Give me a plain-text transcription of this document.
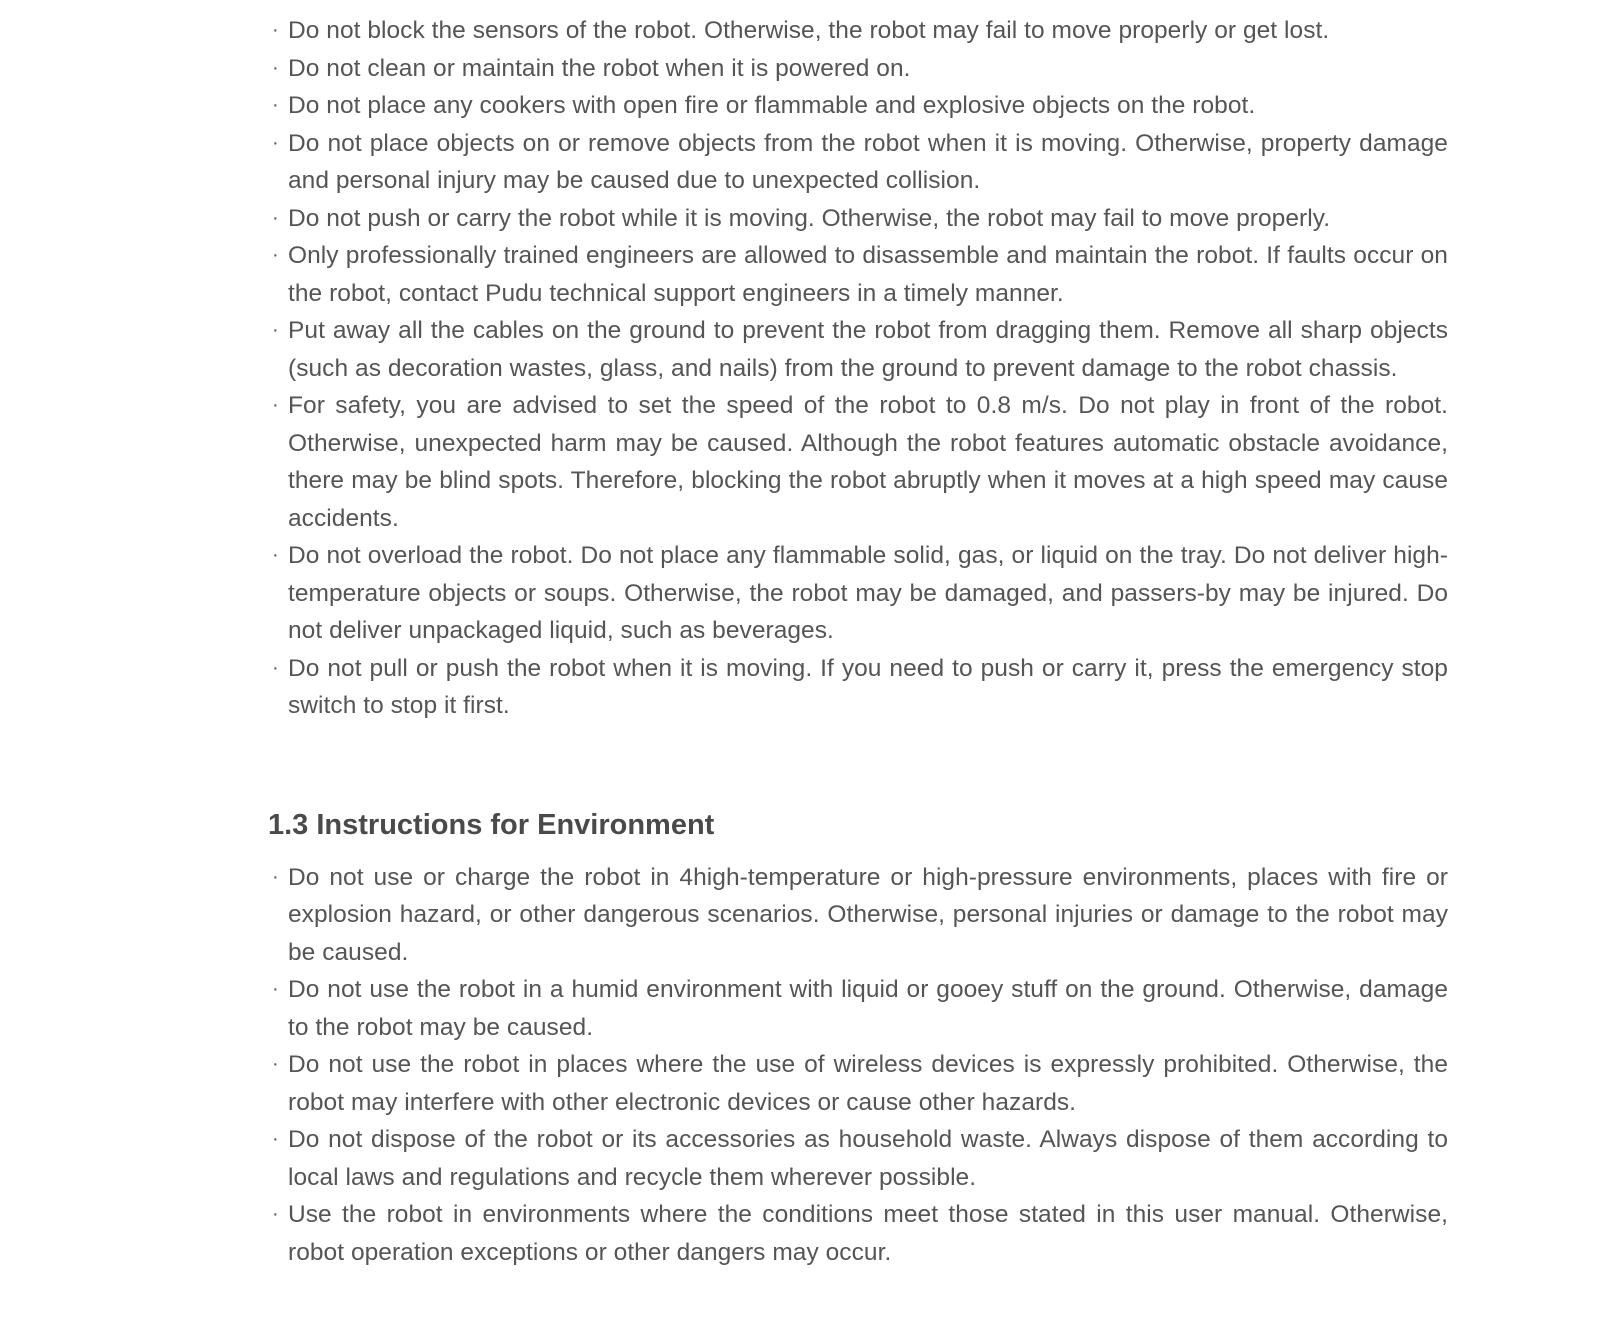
· Do not block the sensors of the robot. Otherwise, the robot may fail to move properly or get lost.
· Do not clean or maintain the robot when it is powered on.
· Do not place any cookers with open fire or flammable and explosive objects on the robot.
· Do not place objects on or remove objects from the robot when it is moving. Otherwise, property damage and personal injury may be caused due to unexpected collision.
· Do not push or carry the robot while it is moving. Otherwise, the robot may fail to move properly.
· Only professionally trained engineers are allowed to disassemble and maintain the robot. If faults occur on the robot, contact Pudu technical support engineers in a timely manner.
· Put away all the cables on the ground to prevent the robot from dragging them. Remove all sharp objects (such as decoration wastes, glass, and nails) from the ground to prevent damage to the robot chassis.
· For safety, you are advised to set the speed of the robot to 0.8 m/s. Do not play in front of the robot. Otherwise, unexpected harm may be caused. Although the robot features automatic obstacle avoidance, there may be blind spots. Therefore, blocking the robot abruptly when it moves at a high speed may cause accidents.
· Do not overload the robot. Do not place any flammable solid, gas, or liquid on the tray. Do not deliver high-temperature objects or soups. Otherwise, the robot may be damaged, and passers-by may be injured. Do not deliver unpackaged liquid, such as beverages.
· Do not pull or push the robot when it is moving. If you need to push or carry it, press the emergency stop switch to stop it first.
1.3 Instructions for Environment
· Do not use or charge the robot in 4high-temperature or high-pressure environments, places with fire or explosion hazard, or other dangerous scenarios. Otherwise, personal injuries or damage to the robot may be caused.
· Do not use the robot in a humid environment with liquid or gooey stuff on the ground. Otherwise, damage to the robot may be caused.
· Do not use the robot in places where the use of wireless devices is expressly prohibited. Otherwise, the robot may interfere with other electronic devices or cause other hazards.
· Do not dispose of the robot or its accessories as household waste. Always dispose of them according to local laws and regulations and recycle them wherever possible.
· Use the robot in environments where the conditions meet those stated in this user manual. Otherwise, robot operation exceptions or other dangers may occur.
